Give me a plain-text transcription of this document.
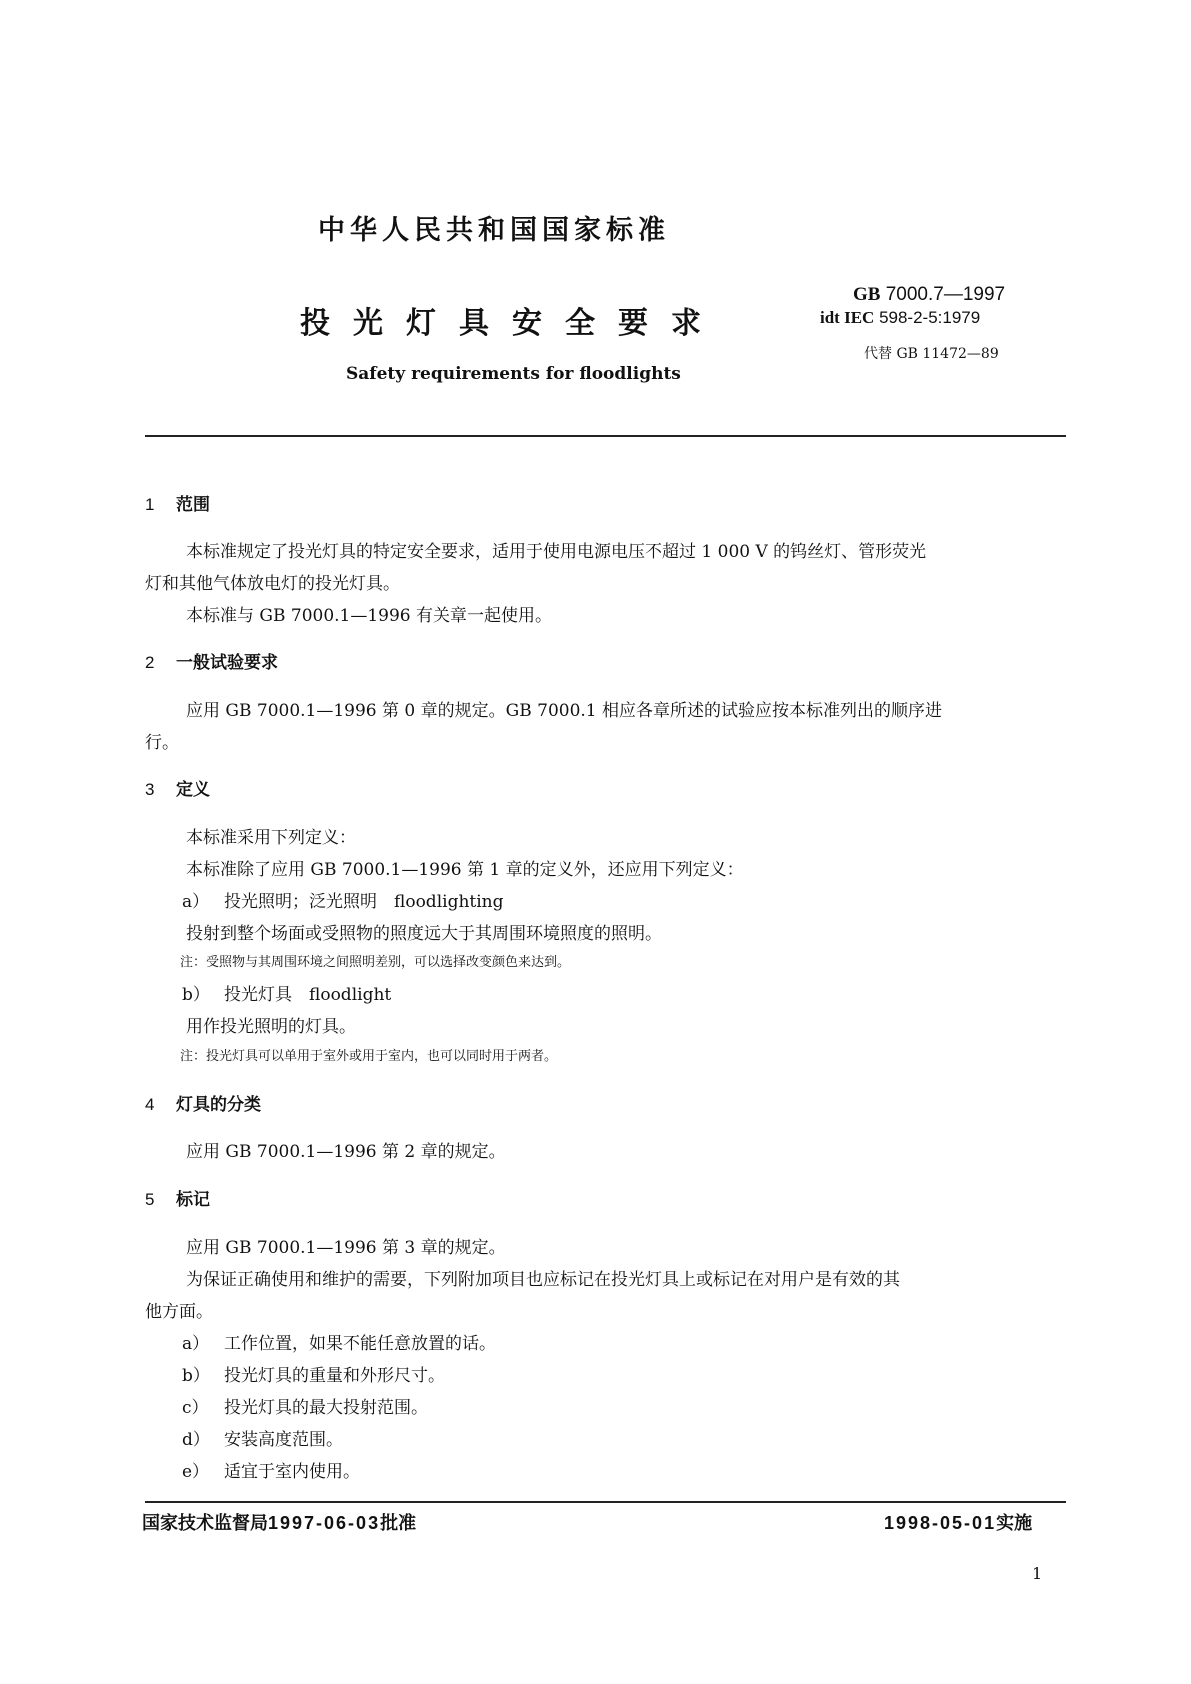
中华人民共和国国家标准
投光灯具安全要求
Safety requirements for floodlights
GB 7000.7—1997
idt IEC 598-2-5:1979
代替 GB 11472—89
1 范围
本标准规定了投光灯具的特定安全要求，适用于使用电源电压不超过 1 000 V 的钨丝灯、管形荧光
灯和其他气体放电灯的投光灯具。
本标准与 GB 7000.1—1996 有关章一起使用。
2 一般试验要求
应用 GB 7000.1—1996 第 0 章的规定。GB 7000.1 相应各章所述的试验应按本标准列出的顺序进
行。
3 定义
本标准采用下列定义：
本标准除了应用 GB 7000.1—1996 第 1 章的定义外，还应用下列定义：
a） 投光照明；泛光照明　floodlighting
投射到整个场面或受照物的照度远大于其周围环境照度的照明。
注：受照物与其周围环境之间照明差别，可以选择改变颜色来达到。
b） 投光灯具　floodlight
用作投光照明的灯具。
注：投光灯具可以单用于室外或用于室内，也可以同时用于两者。
4 灯具的分类
应用 GB 7000.1—1996 第 2 章的规定。
5 标记
应用 GB 7000.1—1996 第 3 章的规定。
为保证正确使用和维护的需要，下列附加项目也应标记在投光灯具上或标记在对用户是有效的其
他方面。
a） 工作位置，如果不能任意放置的话。
b） 投光灯具的重量和外形尺寸。
c） 投光灯具的最大投射范围。
d） 安装高度范围。
e） 适宜于室内使用。
国家技术监督局1997-06-03批准	1998-05-01实施
1
